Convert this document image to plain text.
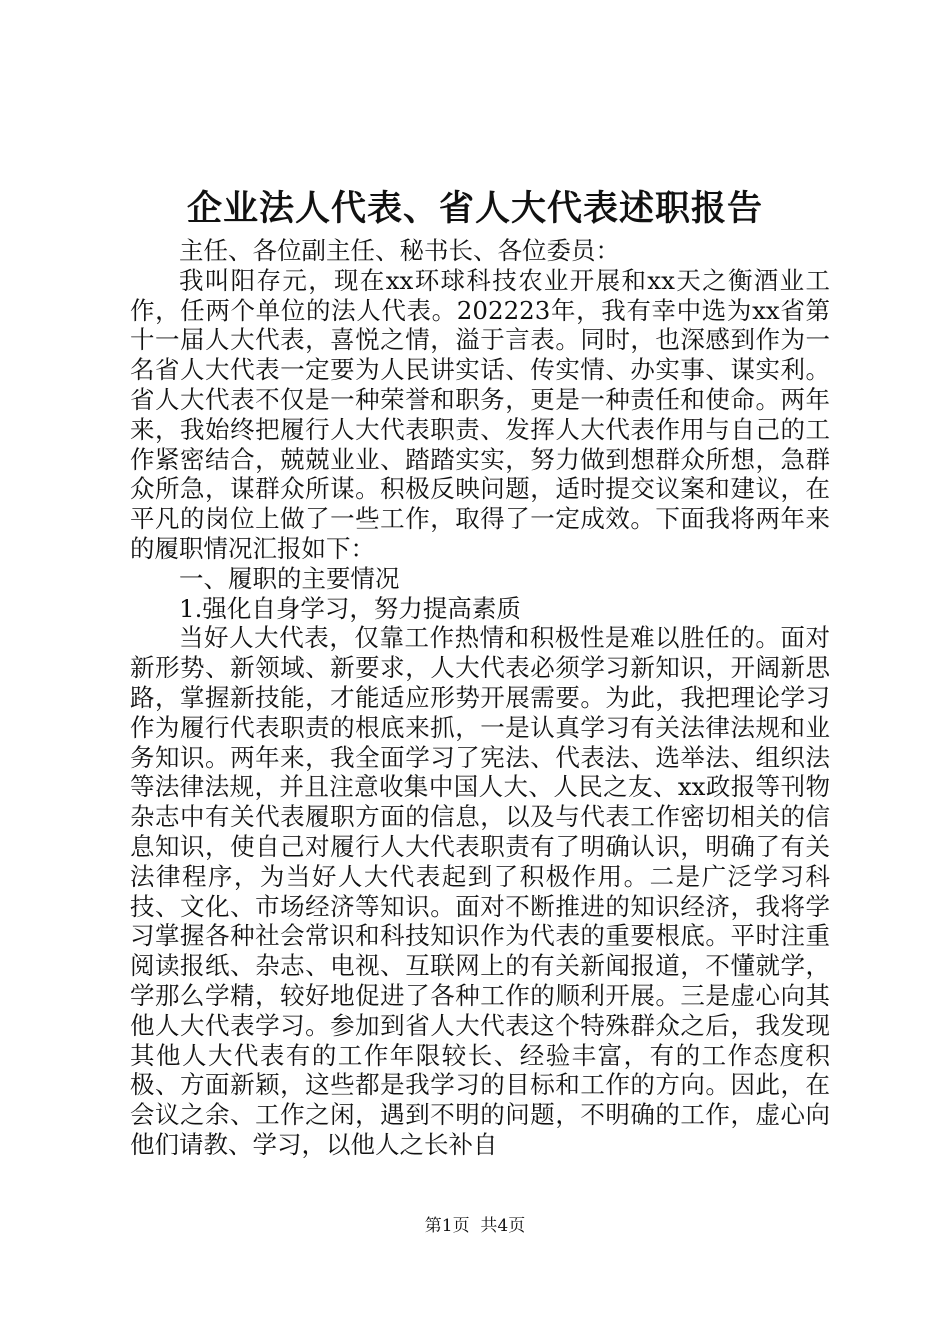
企业法人代表、省人大代表述职报告

主任、各位副主任、秘书长、各位委员：

我叫阳存元，现在xx环球科技农业开展和xx天之衡酒业工作，任两个单位的法人代表。202223年，我有幸中选为xx省第十一届人大代表，喜悦之情，溢于言表。同时，也深感到作为一名省人大代表一定要为人民讲实话、传实情、办实事、谋实利。省人大代表不仅是一种荣誉和职务，更是一种责任和使命。两年来，我始终把履行人大代表职责、发挥人大代表作用与自己的工作紧密结合，兢兢业业、踏踏实实，努力做到想群众所想，急群众所急，谋群众所谋。积极反映问题，适时提交议案和建议，在平凡的岗位上做了一些工作，取得了一定成效。下面我将两年来的履职情况汇报如下：

一、履职的主要情况

1.强化自身学习，努力提高素质

当好人大代表，仅靠工作热情和积极性是难以胜任的。面对新形势、新领域、新要求，人大代表必须学习新知识，开阔新思路，掌握新技能，才能适应形势开展需要。为此，我把理论学习作为履行代表职责的根底来抓，一是认真学习有关法律法规和业务知识。两年来，我全面学习了宪法、代表法、选举法、组织法等法律法规，并且注意收集中国人大、人民之友、xx政报等刊物杂志中有关代表履职方面的信息，以及与代表工作密切相关的信息知识，使自己对履行人大代表职责有了明确认识，明确了有关法律程序，为当好人大代表起到了积极作用。二是广泛学习科技、文化、市场经济等知识。面对不断推进的知识经济，我将学习掌握各种社会常识和科技知识作为代表的重要根底。平时注重阅读报纸、杂志、电视、互联网上的有关新闻报道，不懂就学，学那么学精，较好地促进了各种工作的顺利开展。三是虚心向其他人大代表学习。参加到省人大代表这个特殊群众之后，我发现其他人大代表有的工作年限较长、经验丰富，有的工作态度积极、方面新颖，这些都是我学习的目标和工作的方向。因此，在会议之余、工作之闲，遇到不明的问题，不明确的工作，虚心向他们请教、学习，以他人之长补自

第1页 共4页
